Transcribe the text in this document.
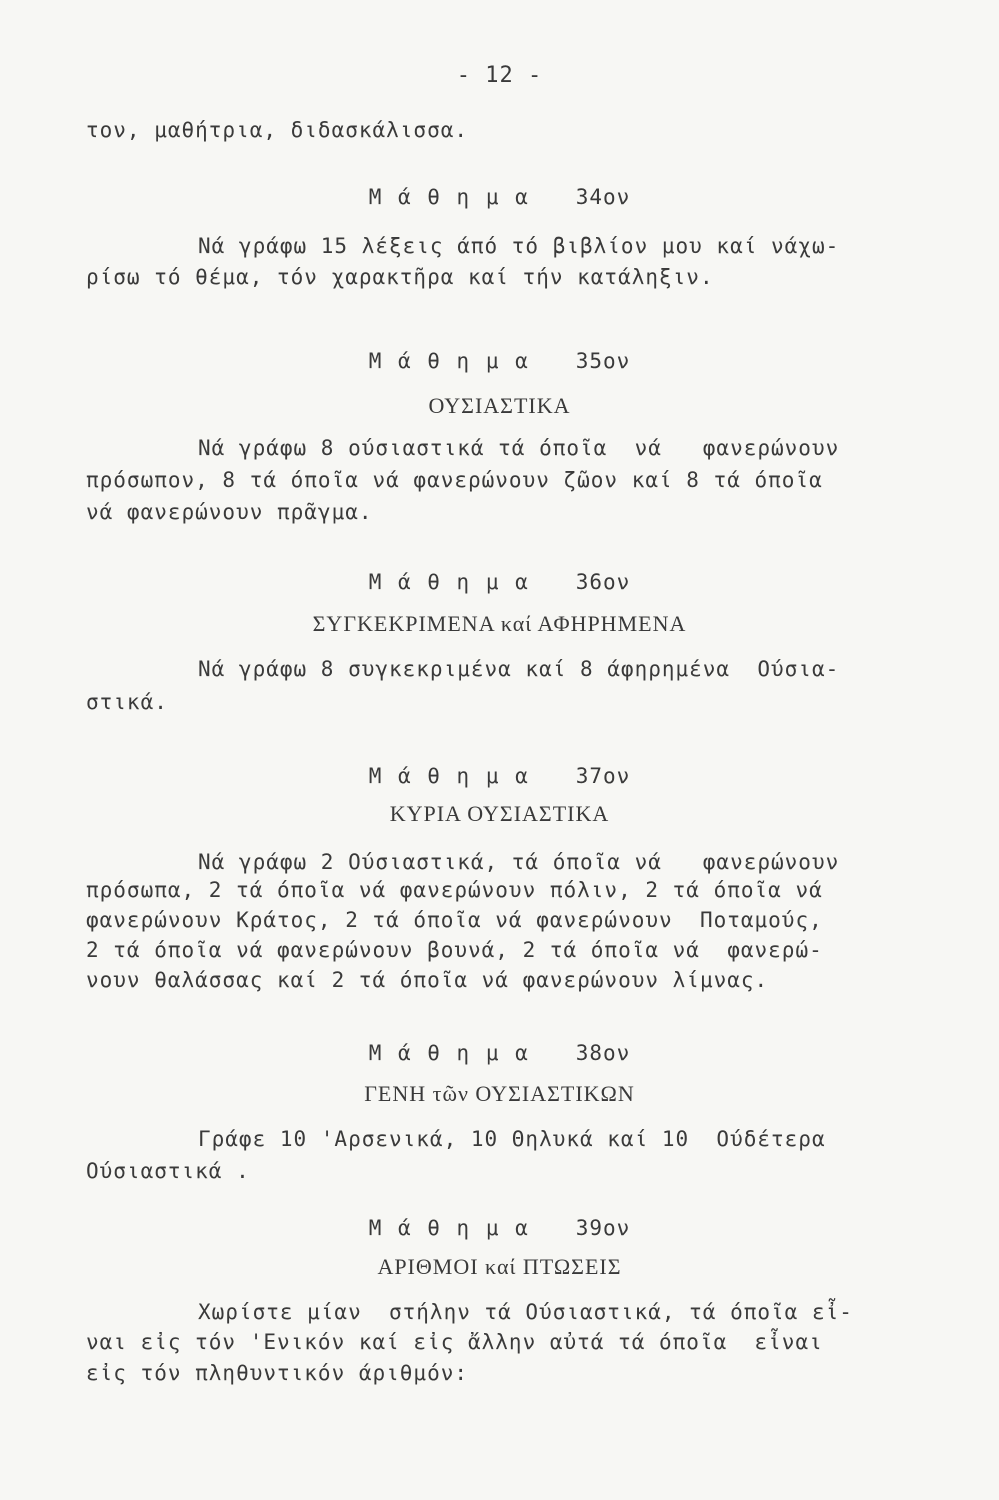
- 12 -
τον, μαθήτρια, διδασκάλισσα.
Μ ά θ η μ α   34ον
Νά γράφω 15 λέξεις άπό τό βιβλίον μου καί νάχω-
ρίσω τό θέμα, τόν χαρακτῆρα καί τήν κατάληξιν.
Μ ά θ η μ α   35ον
ΟΥΣΙΑΣΤΙΚΑ
Νά γράφω 8 ούσιαστικά τά όποῖα  νά   φανερώνουν
πρόσωπον, 8 τά όποῖα νά φανερώνουν ζῶον καί 8 τά όποῖα
νά φανερώνουν πρᾶγμα.
Μ ά θ η μ α   36ον
ΣΥΓΚΕΚΡΙΜΕΝΑ καί ΑΦΗΡΗΜΕΝΑ
Νά γράφω 8 συγκεκριμένα καί 8 άφηρημένα  Ούσια-
στικά.
Μ ά θ η μ α   37ον
ΚΥΡΙΑ ΟΥΣΙΑΣΤΙΚΑ
Νά γράφω 2 Ούσιαστικά, τά όποῖα νά   φανερώνουν
πρόσωπα, 2 τά όποῖα νά φανερώνουν πόλιν, 2 τά όποῖα νά
φανερώνουν Κράτος, 2 τά όποῖα νά φανερώνουν  Ποταμούς,
2 τά όποῖα νά φανερώνουν βουνά, 2 τά όποῖα νά  φανερώ-
νουν θαλάσσας καί 2 τά όποῖα νά φανερώνουν λίμνας.
Μ ά θ η μ α   38ον
ΓΕΝΗ τῶν ΟΥΣΙΑΣΤΙΚΩΝ
Γράφε 10 'Αρσενικά, 10 Θηλυκά καί 10  Ούδέτερα
Ούσιαστικά .
Μ ά θ η μ α   39ον
ΑΡΙΘΜΟΙ καί ΠΤΩΣΕΙΣ
Χωρίστε μίαν  στήλην τά Ούσιαστικά, τά όποῖα εἶ-
ναι εἰς τόν 'Ενικόν καί εἰς ἄλλην αὐτά τά όποῖα  εἶναι
εἰς τόν πληθυντικόν άριθμόν:
